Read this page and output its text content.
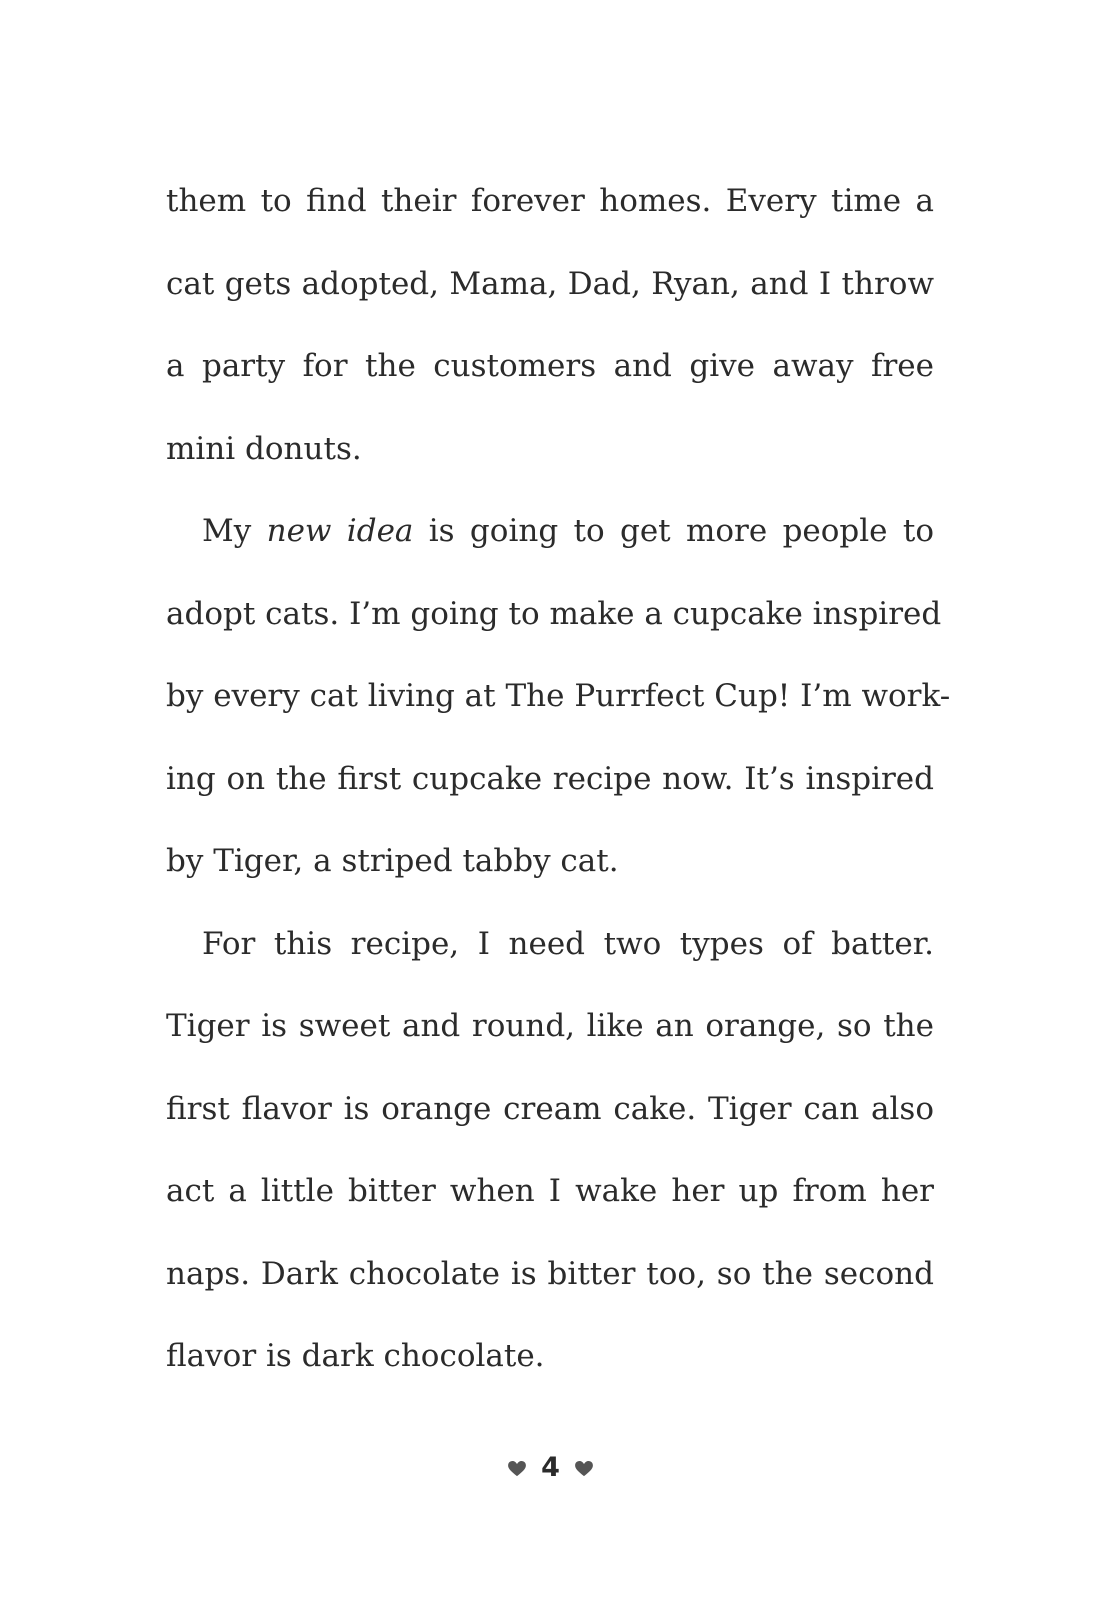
them to find their forever homes. Every time a
cat gets adopted, Mama, Dad, Ryan, and I throw
a party for the customers and give away free
mini donuts.
My new idea is going to get more people to
adopt cats. I’m going to make a cupcake inspired
by every cat living at The Purrfect Cup! I’m work-
ing on the first cupcake recipe now. It’s inspired
by Tiger, a striped tabby cat.
For this recipe, I need two types of batter.
Tiger is sweet and round, like an orange, so the
first flavor is orange cream cake. Tiger can also
act a little bitter when I wake her up from her
naps. Dark chocolate is bitter too, so the second
flavor is dark chocolate.
4
